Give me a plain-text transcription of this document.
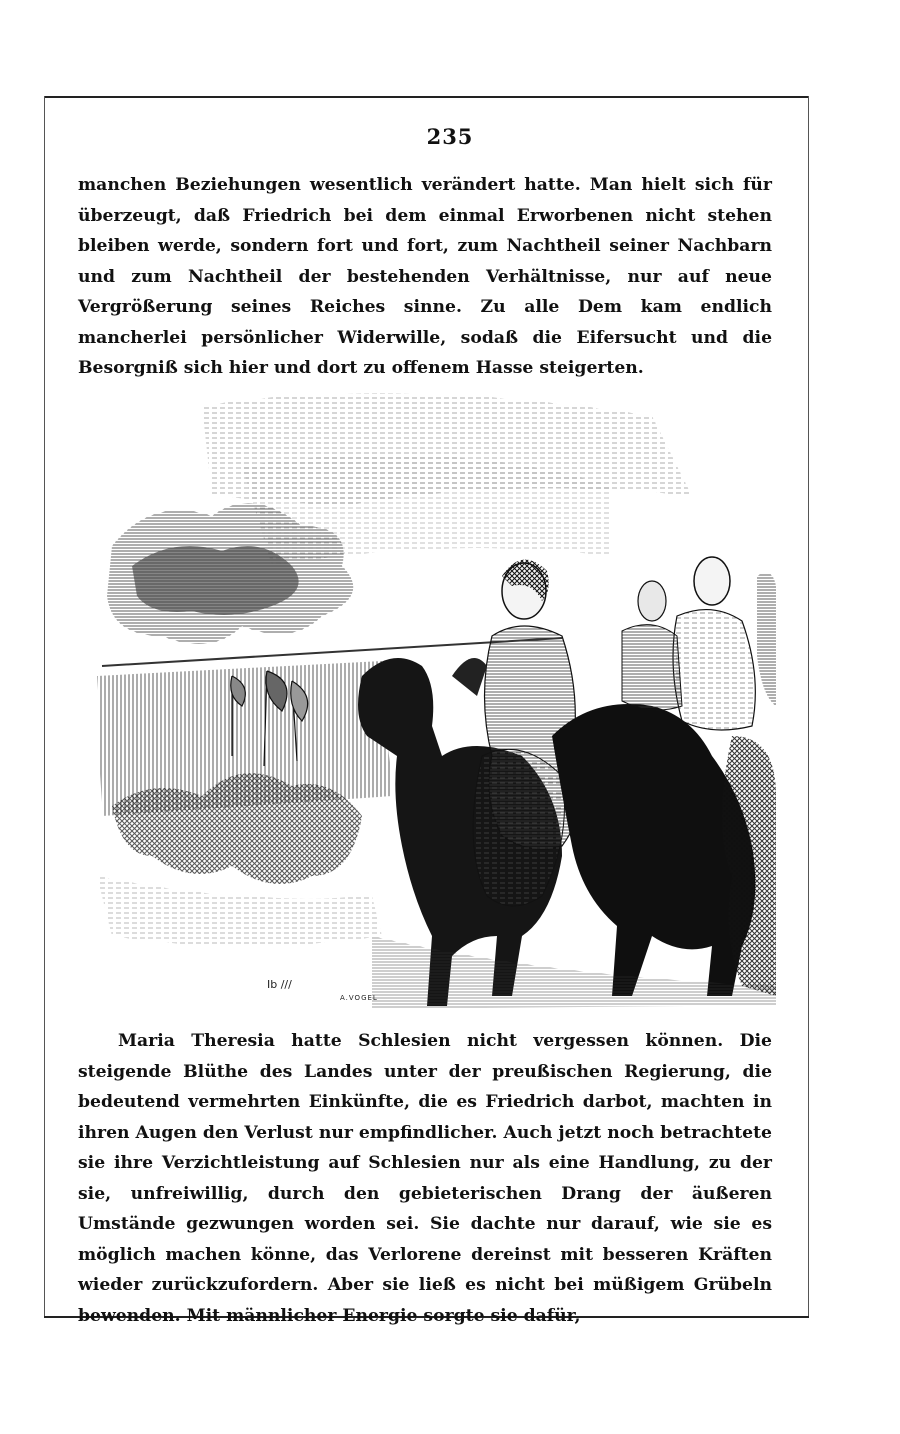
235

manchen Beziehungen wesentlich verändert hatte. Man hielt sich für überzeugt, daß Friedrich bei dem einmal Erworbenen nicht stehen bleiben werde, sondern fort und fort, zum Nachtheil seiner Nachbarn und zum Nachtheil der bestehenden Verhältnisse, nur auf neue Vergrößerung seines Reiches sinne. Zu alle Dem kam endlich mancherlei persönlicher Widerwille, sodaß die Eifersucht und die Besorgniß sich hier und dort zu offenem Hasse steigerten.

Ib ///
A.VOGEL

Maria Theresia hatte Schlesien nicht vergessen können. Die steigende Blüthe des Landes unter der preußischen Regierung, die bedeutend vermehrten Einkünfte, die es Friedrich darbot, machten in ihren Augen den Verlust nur empfindlicher. Auch jetzt noch betrachtete sie ihre Verzichtleistung auf Schlesien nur als eine Handlung, zu der sie, unfreiwillig, durch den gebieterischen Drang der äußeren Umstände gezwungen worden sei. Sie dachte nur darauf, wie sie es möglich machen könne, das Verlorene dereinst mit besseren Kräften wieder zurückzufordern. Aber sie ließ es nicht bei müßigem Grübeln bewenden. Mit männlicher Energie sorgte sie dafür,
